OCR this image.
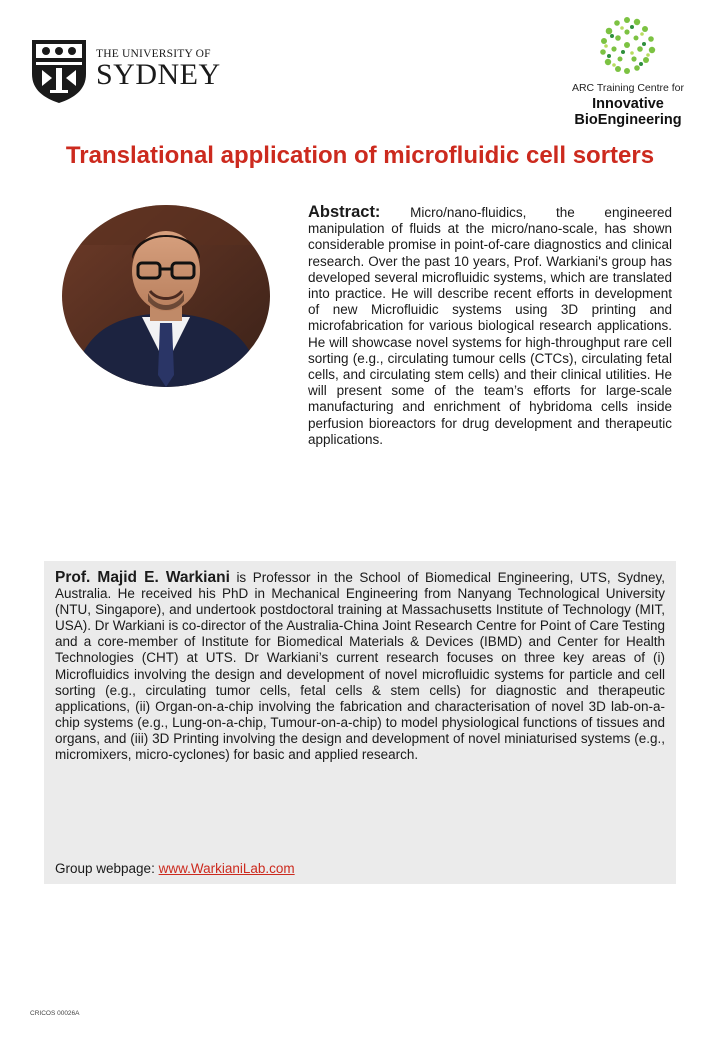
THE UNIVERSITY OF
SYDNEY	ARC Training Centre for
Innovative
BioEngineering
Translational application of microfluidic cell sorters
Abstract: Micro/nano-fluidics, the engineered manipulation of fluids at the micro/nano-scale, has shown considerable promise in point-of-care diagnostics and clinical research. Over the past 10 years, Prof. Warkiani's group has developed several microfluidic systems, which are translated into practice. He will describe recent efforts in development of new Microfluidic systems using 3D printing and microfabrication for various biological research applications. He will showcase novel systems for high-throughput rare cell sorting (e.g., circulating tumour cells (CTCs), circulating fetal cells, and circulating stem cells) and their clinical utilities. He will present some of the team’s efforts for large-scale manufacturing and enrichment of hybridoma cells inside perfusion bioreactors for drug development and therapeutic applications.
Prof. Majid E. Warkiani is Professor in the School of Biomedical Engineering, UTS, Sydney, Australia. He received his PhD in Mechanical Engineering from Nanyang Technological University (NTU, Singapore), and undertook postdoctoral training at Massachusetts Institute of Technology (MIT, USA). Dr Warkiani is co-director of the Australia-China Joint Research Centre for Point of Care Testing and a core-member of Institute for Biomedical Materials & Devices (IBMD) and Center for Health Technologies (CHT) at UTS. Dr Warkiani’s current research focuses on three key areas of (i) Microfluidics involving the design and development of novel microfluidic systems for particle and cell sorting (e.g., circulating tumor cells, fetal cells & stem cells) for diagnostic and therapeutic applications, (ii) Organ-on-a-chip involving the fabrication and characterisation of novel 3D lab-on-a-chip systems (e.g., Lung-on-a-chip, Tumour-on-a-chip) to model physiological functions of tissues and organs, and (iii) 3D Printing involving the design and development of novel miniaturised systems (e.g., micromixers, micro-cyclones) for basic and applied research.
Group webpage: www.WarkianiLab.com
CRICOS 00026A
